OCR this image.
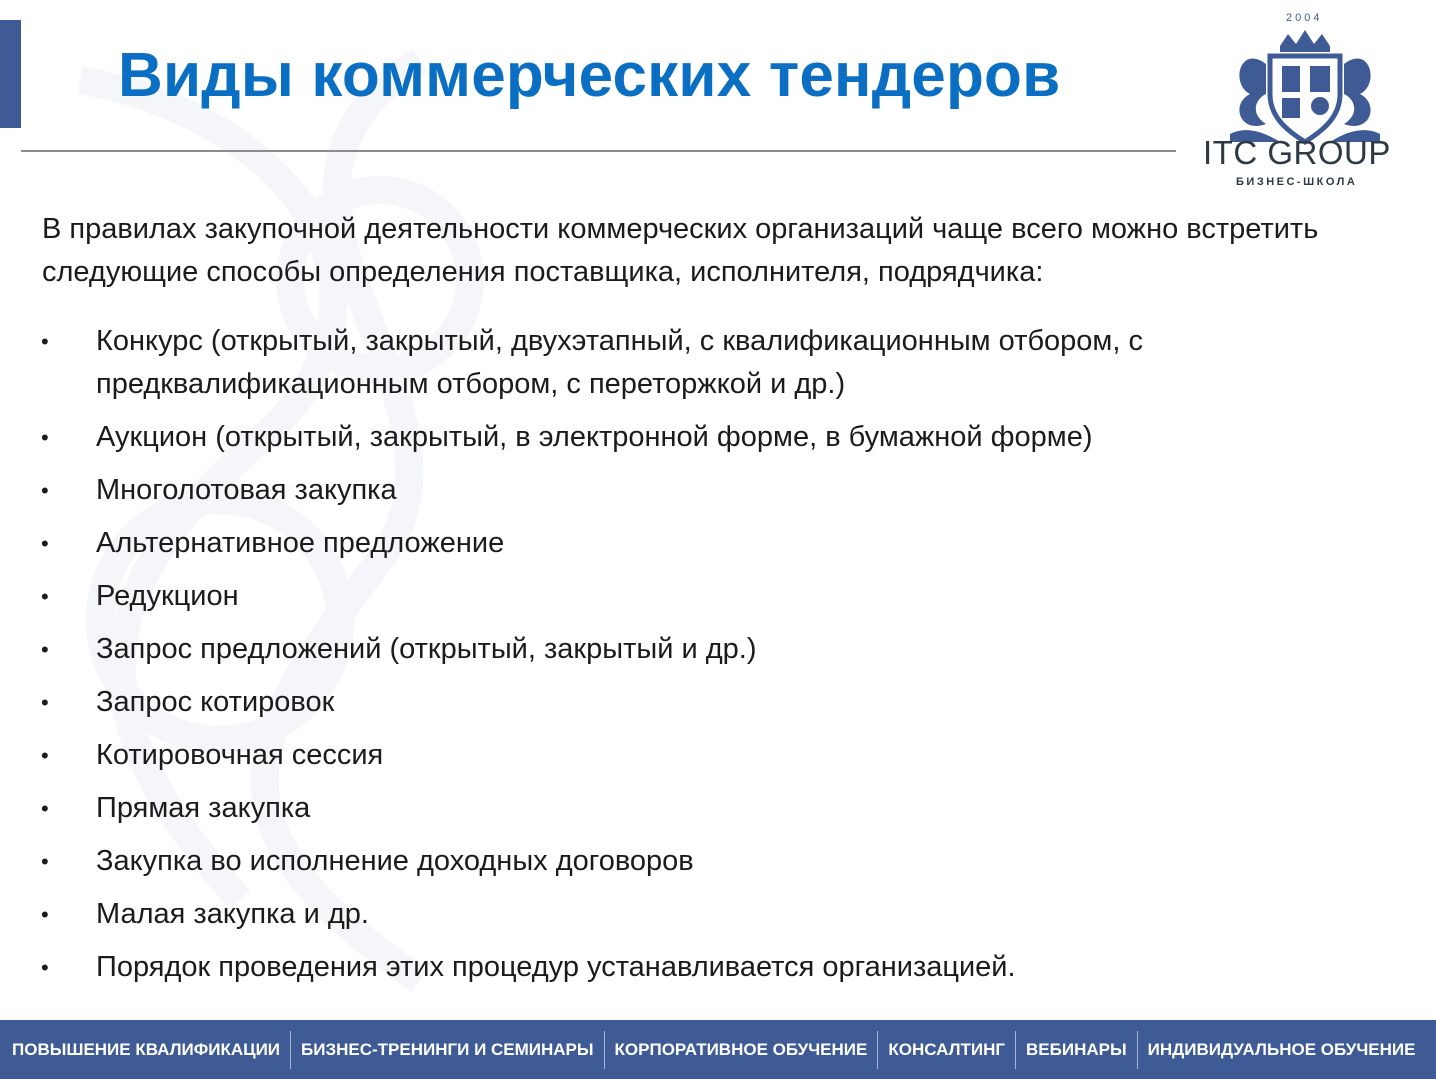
Виды коммерческих тендеров
2004
ITC GROUP
БИЗНЕС-ШКОЛА
В правилах закупочной деятельности коммерческих организаций чаще всего можно встретить следующие способы определения поставщика, исполнителя, подрядчика:
• Конкурс (открытый, закрытый, двухэтапный, с квалификационным отбором, с предквалификационным отбором, с переторжкой и др.)
• Аукцион (открытый, закрытый, в электронной форме, в бумажной форме)
• Многолотовая закупка
• Альтернативное предложение
• Редукцион
• Запрос предложений (открытый, закрытый и др.)
• Запрос котировок
• Котировочная сессия
• Прямая закупка
• Закупка во исполнение доходных договоров
• Малая закупка и др.
• Порядок проведения этих процедур устанавливается организацией.
ПОВЫШЕНИЕ КВАЛИФИКАЦИИ	БИЗНЕС-ТРЕНИНГИ И СЕМИНАРЫ	КОРПОРАТИВНОЕ ОБУЧЕНИЕ	КОНСАЛТИНГ	ВЕБИНАРЫ	ИНДИВИДУАЛЬНОЕ ОБУЧЕНИЕ
